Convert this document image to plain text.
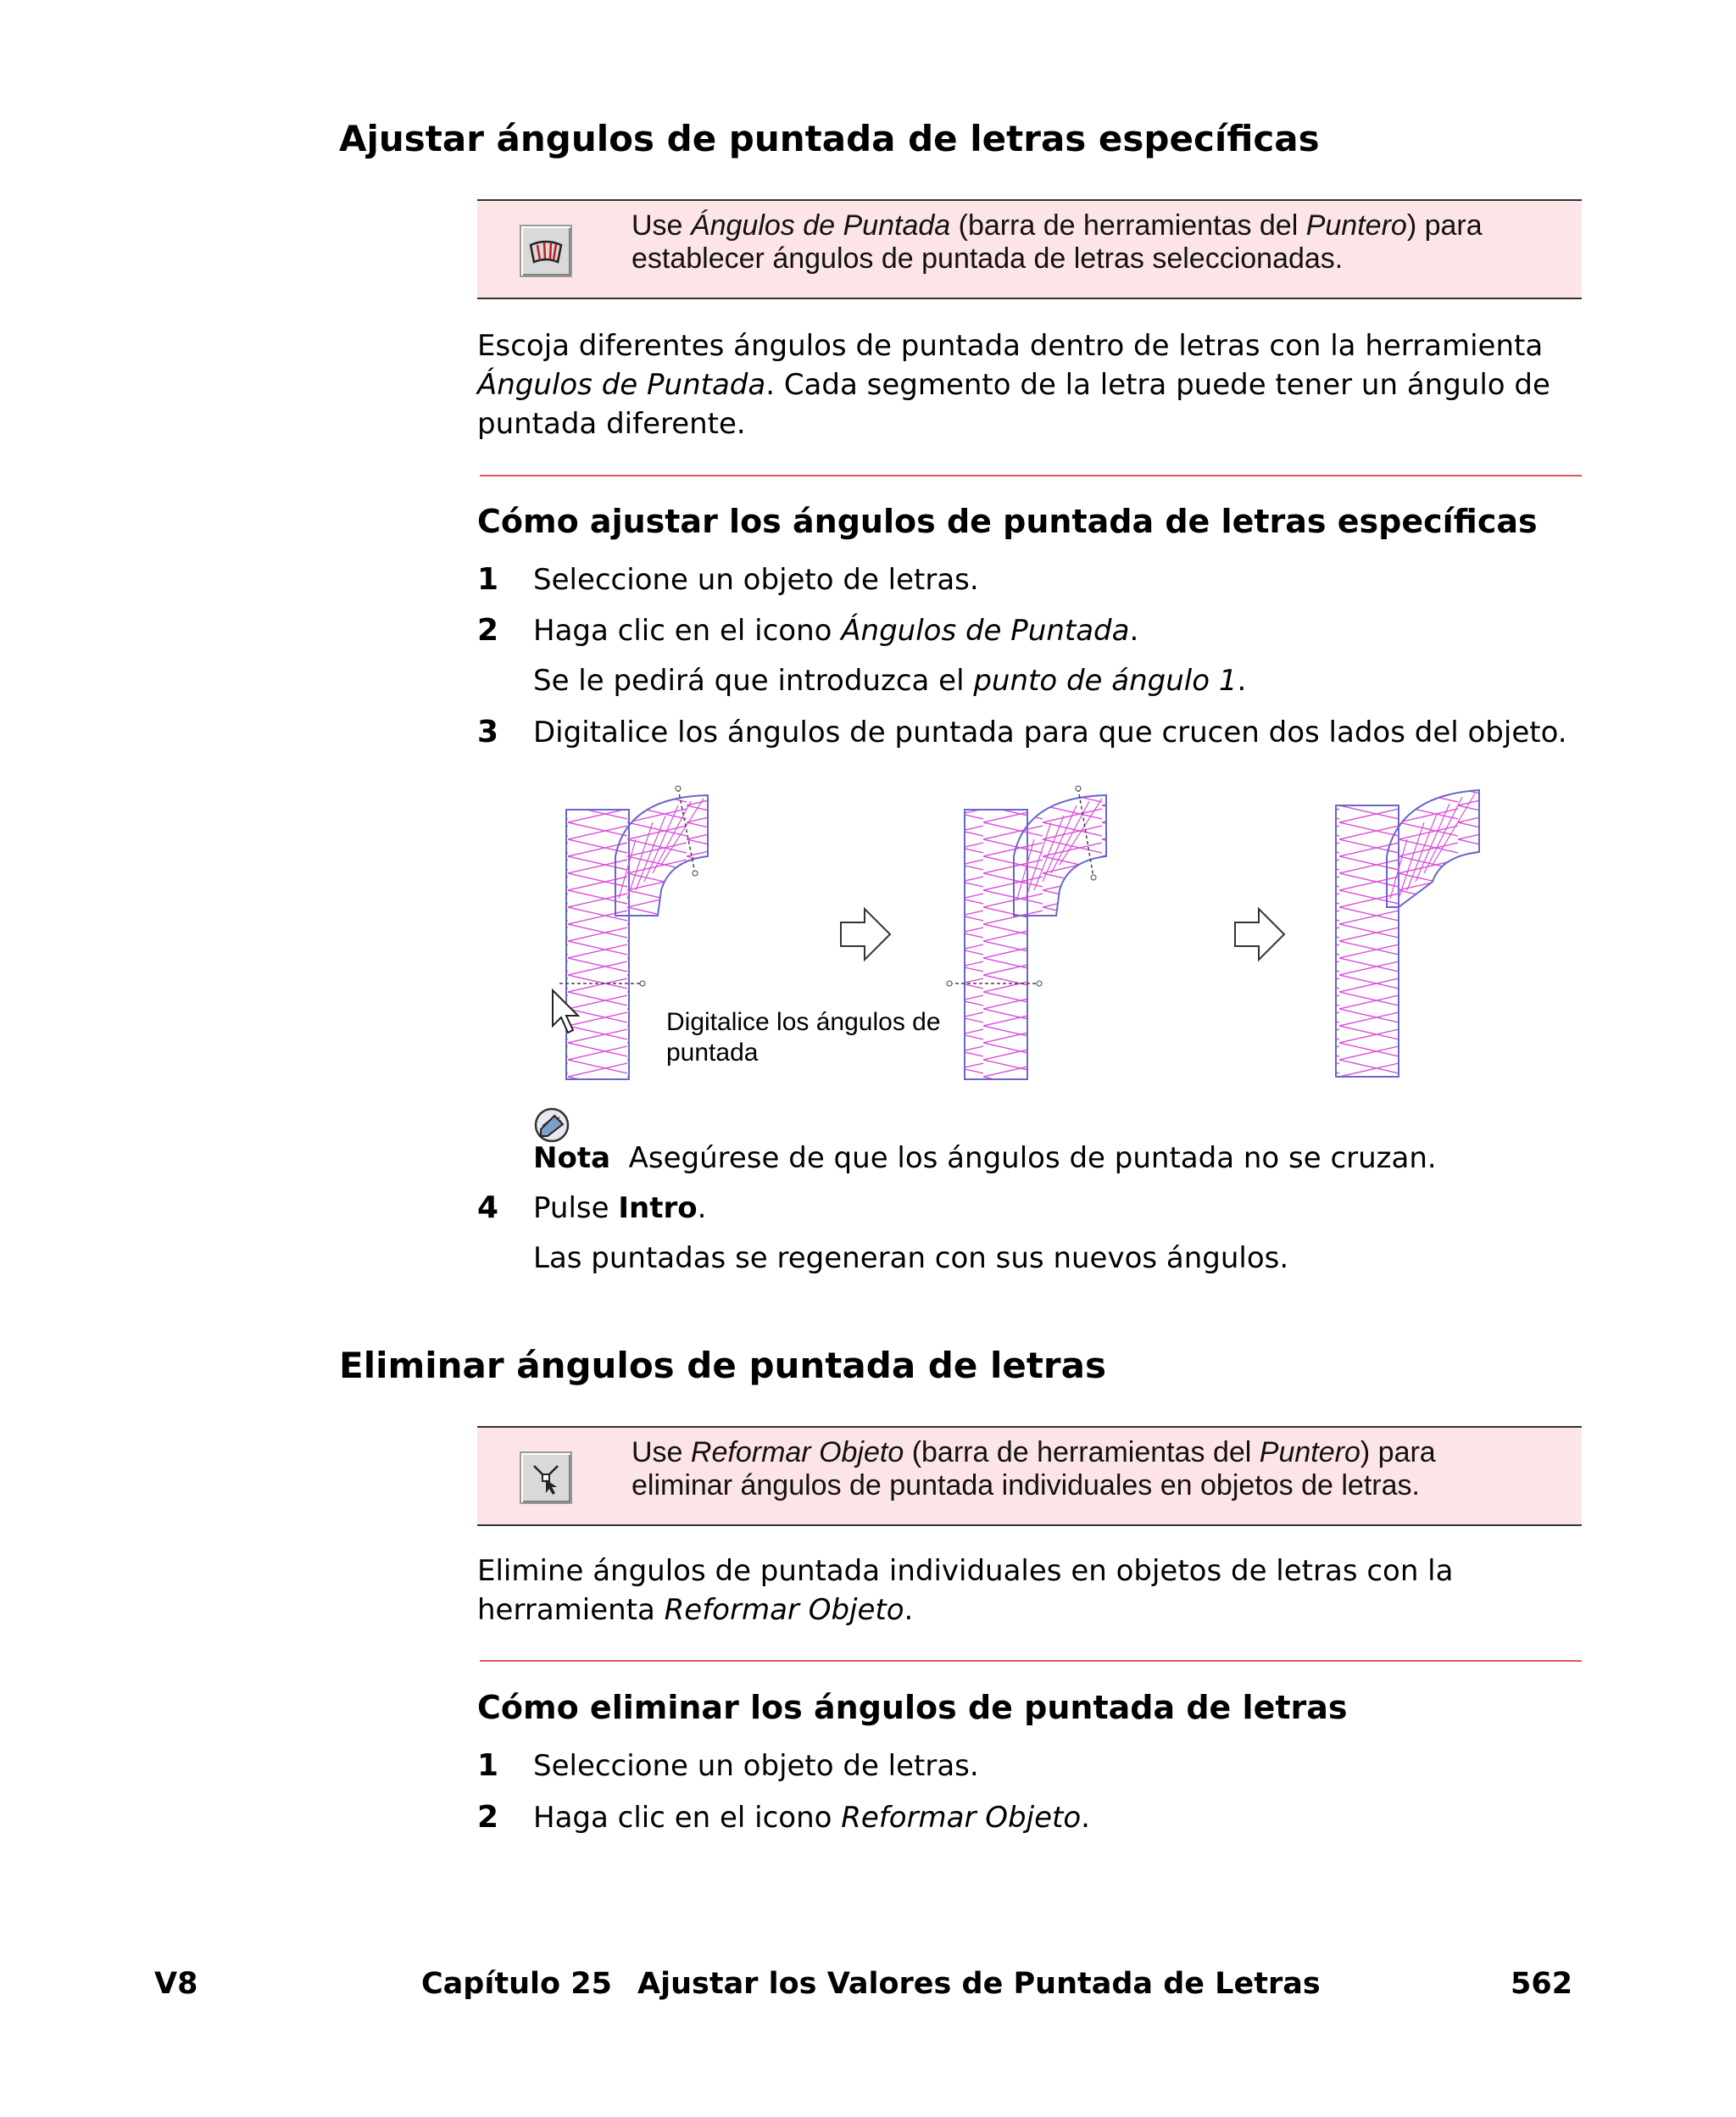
Ajustar ángulos de puntada de letras específicas
Use Ángulos de Puntada (barra de herramientas del Puntero) para
establecer ángulos de puntada de letras seleccionadas.
Escoja diferentes ángulos de puntada dentro de letras con la herramienta
Ángulos de Puntada. Cada segmento de la letra puede tener un ángulo de
puntada diferente.
Cómo ajustar los ángulos de puntada de letras específicas
1 Seleccione un objeto de letras.
2 Haga clic en el icono Ángulos de Puntada.
Se le pedirá que introduzca el punto de ángulo 1.
3 Digitalice los ángulos de puntada para que crucen dos lados del objeto.
Digitalice los ángulos de
puntada
Nota Asegúrese de que los ángulos de puntada no se cruzan.
4 Pulse Intro.
Las puntadas se regeneran con sus nuevos ángulos.
Eliminar ángulos de puntada de letras
Use Reformar Objeto (barra de herramientas del Puntero) para
eliminar ángulos de puntada individuales en objetos de letras.
Elimine ángulos de puntada individuales en objetos de letras con la
herramienta Reformar Objeto.
Cómo eliminar los ángulos de puntada de letras
1 Seleccione un objeto de letras.
2 Haga clic en el icono Reformar Objeto.
V8	Capítulo 25 Ajustar los Valores de Puntada de Letras	562
